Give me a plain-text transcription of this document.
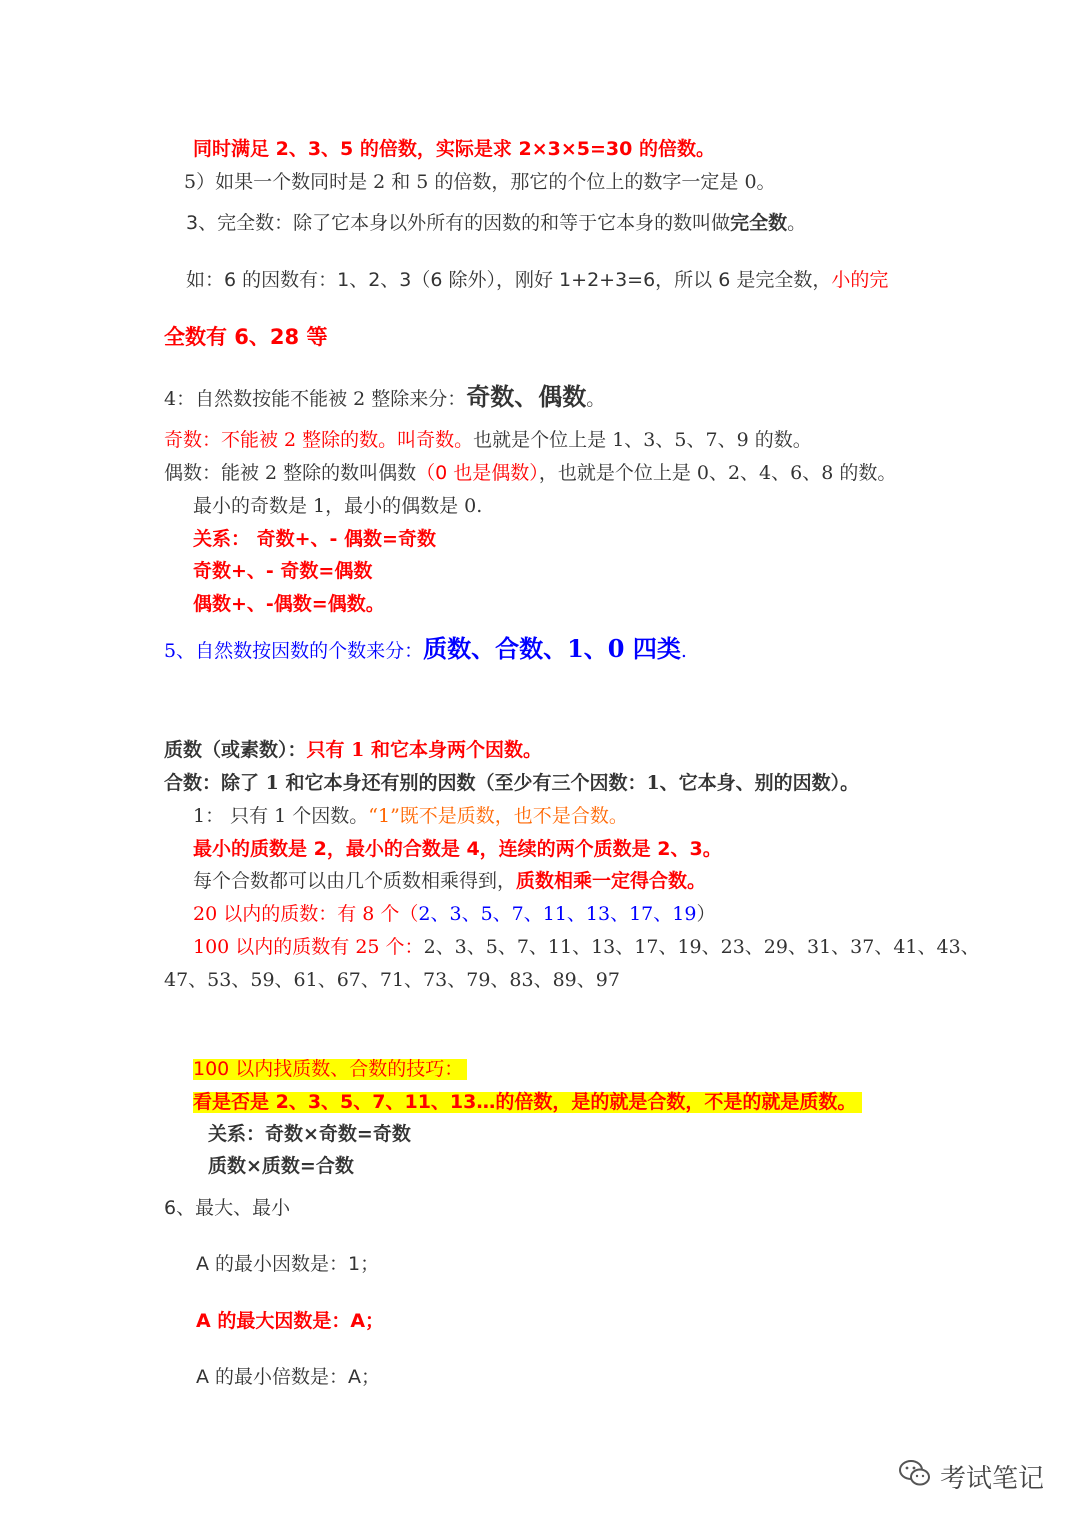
同时满足 2、3、5 的倍数，实际是求 2×3×5=30 的倍数。
5）如果一个数同时是 2 和 5 的倍数，那它的个位上的数字一定是 0。
3、完全数：除了它本身以外所有的因数的和等于它本身的数叫做完全数。
如：6 的因数有：1、2、3（6 除外），刚好 1+2+3=6，所以 6 是完全数，小的完
全数有 6、28 等
4：自然数按能不能被 2 整除来分：奇数、偶数。
奇数：不能被 2 整除的数。叫奇数。也就是个位上是 1、3、5、7、9 的数。
偶数：能被 2 整除的数叫偶数（0 也是偶数），也就是个位上是 0、2、4、6、8 的数。
最小的奇数是 1，最小的偶数是 0.
关系： 奇数+、- 偶数=奇数
奇数+、- 奇数=偶数
偶数+、-偶数=偶数。
5、自然数按因数的个数来分：质数、合数、1、0 四类.
质数（或素数）：只有 1 和它本身两个因数。
合数：除了 1 和它本身还有别的因数（至少有三个因数：1、它本身、别的因数）。
1： 只有 1 个因数。“1”既不是质数，也不是合数。
最小的质数是 2，最小的合数是 4，连续的两个质数是 2、3。
每个合数都可以由几个质数相乘得到，质数相乘一定得合数。
20 以内的质数：有 8 个（2、3、5、7、11、13、17、19）
100 以内的质数有 25 个：2、3、5、7、11、13、17、19、23、29、31、37、41、43、
47、53、59、61、67、71、73、79、83、89、97
100 以内找质数、合数的技巧：
看是否是 2、3、5、7、11、13…的倍数，是的就是合数，不是的就是质数。
关系：奇数×奇数=奇数
质数×质数=合数
6、最大、最小
A 的最小因数是：1；
A 的最大因数是：A；
A 的最小倍数是：A；
考试笔记
